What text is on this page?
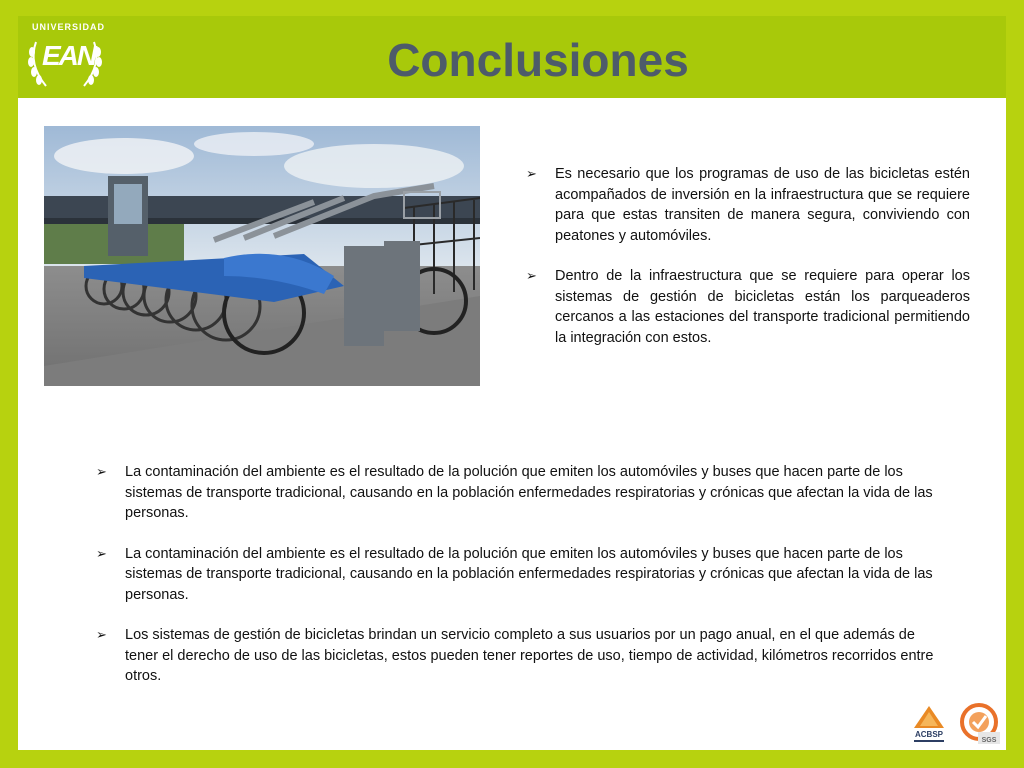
UNIVERSIDAD
EAN	Conclusiones
➢	Es necesario que los programas de uso de las bicicletas estén acompañados de inversión en la infraestructura que se requiere para que estas transiten de manera segura, conviviendo con peatones y automóviles.
➢	Dentro de la infraestructura que se requiere para operar los sistemas de gestión de bicicletas están los parqueaderos cercanos a las estaciones del transporte tradicional permitiendo la integración con estos.
➢	La contaminación del ambiente es el resultado de la polución que emiten los automóviles y buses que hacen parte de los sistemas de transporte tradicional, causando en la población enfermedades respiratorias y crónicas que afectan la vida de las personas.
➢	La contaminación del ambiente es el resultado de la polución que emiten los automóviles y buses que hacen parte de los sistemas de transporte tradicional, causando en la población enfermedades respiratorias y crónicas que afectan la vida de las personas.
➢	Los sistemas de gestión de bicicletas brindan un servicio completo a sus usuarios por un pago anual, en el que además de tener el derecho de uso de las bicicletas, estos pueden tener reportes de uso, tiempo de actividad, kilómetros recorridos entre otros.
ACBSP
SGS
